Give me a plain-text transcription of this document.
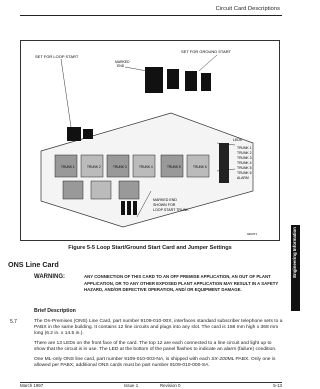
Circuit Card Descriptions
SET FOR LOOP START
SET FOR GROUND START
MARKED
END
TRUNK 1	TRUNK 2	TRUNK 3	TRUNK 4	TRUNK 5	TRUNK 6
LEDs
TRUNK 1
TRUNK 2
TRUNK 3
TRUNK 4
TRUNK 5
TRUNK 6
ALARM
MARKED END
SHOWN FOR
LOOP START TRUNK
0403T1
Figure 5-5 Loop Start/Ground Start Card and Jumper Settings
ONS Line Card
WARNING:	ANY CONNECTION OF THIS CARD TO AN OFF PREMISE APPLICATION, AN OUT OF PLANT APPLICATION, OR TO ANY OTHER EXPOSED PLANT APPLICATION MAY RESULT IN A SAFETY HAZARD, AND/OR DEFECTIVE OPERATION, AND/ OR EQUIPMENT DAMAGE.
Brief Description
5.7	The On-Premises (ONS) Line Card, part number 9109-010-00X, interfaces standard subscriber telephone sets to a PABX in the same building. It contains 12 line circuits and plugs into any slot. The card is 158 mm high x 368 mm long (6.2 in. x 14.5 in.).
There are 13 LEDs on the front face of the card. The top 12 are each connected to a line circuit and light up to show that the circuit is in use. The LED at the bottom of the panel flashes to indicate an alarm (failure) condition.
One ML-only ONS line card, part number 9109-010-003-NA, is shipped with each SX-200ML PABX. Only one is allowed per PABX; additional ONS cards must be part number 9109-010-000-SA.
Engineering Information
March 1997	Issue 1	Revision 0	5-13
